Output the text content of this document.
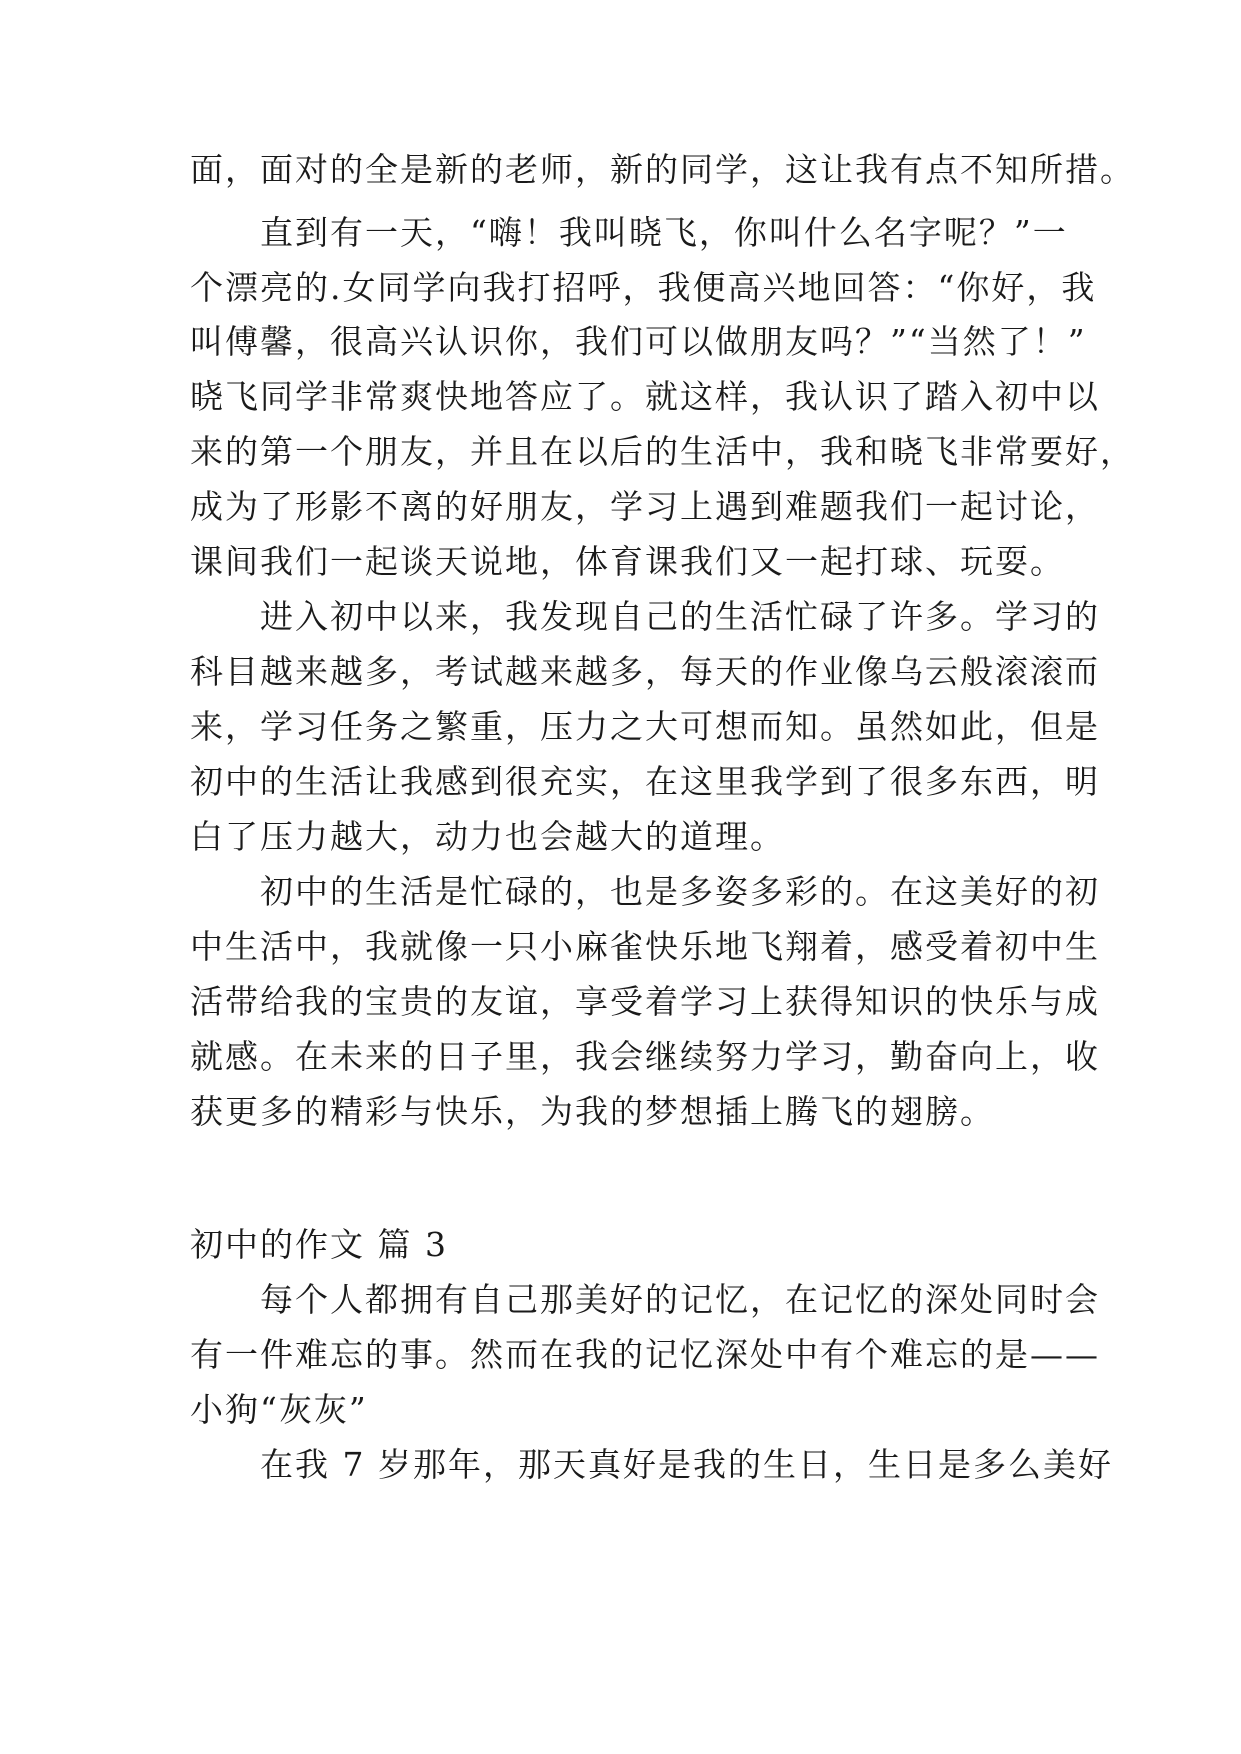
面，面对的全是新的老师，新的同学，这让我有点不知所措。
　　直到有一天，“嗨！我叫晓飞，你叫什么名字呢？”一
个漂亮的.女同学向我打招呼，我便高兴地回答：“你好，我
叫傅馨，很高兴认识你，我们可以做朋友吗？”“当然了！”
晓飞同学非常爽快地答应了。就这样，我认识了踏入初中以
来的第一个朋友，并且在以后的生活中，我和晓飞非常要好，
成为了形影不离的好朋友，学习上遇到难题我们一起讨论，
课间我们一起谈天说地，体育课我们又一起打球、玩耍。
　　进入初中以来，我发现自己的生活忙碌了许多。学习的
科目越来越多，考试越来越多，每天的作业像乌云般滚滚而
来，学习任务之繁重，压力之大可想而知。虽然如此，但是
初中的生活让我感到很充实，在这里我学到了很多东西，明
白了压力越大，动力也会越大的道理。
　　初中的生活是忙碌的，也是多姿多彩的。在这美好的初
中生活中，我就像一只小麻雀快乐地飞翔着，感受着初中生
活带给我的宝贵的友谊，享受着学习上获得知识的快乐与成
就感。在未来的日子里，我会继续努力学习，勤奋向上，收
获更多的精彩与快乐，为我的梦想插上腾飞的翅膀。
初中的作文 篇 3
　　每个人都拥有自己那美好的记忆，在记忆的深处同时会
有一件难忘的事。然而在我的记忆深处中有个难忘的是——
小狗“灰灰”
　　在我 7 岁那年，那天真好是我的生日，生日是多么美好
